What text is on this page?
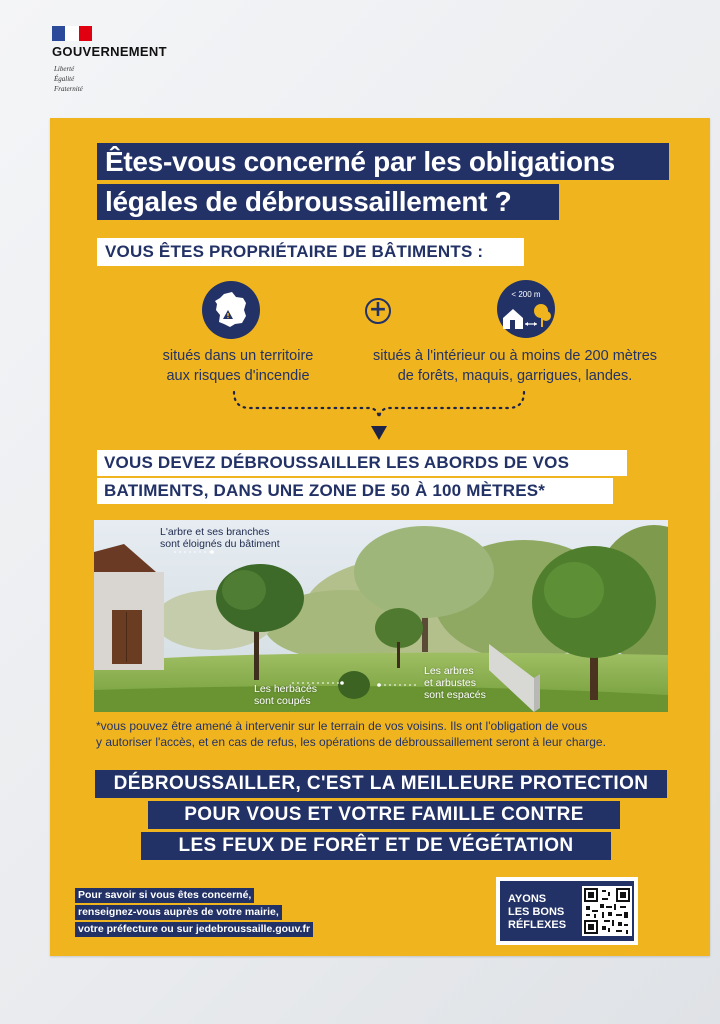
GOUVERNEMENT
Liberté
Égalité
Fraternité
Êtes-vous concerné par les obligations
légales de débroussaillement ?
VOUS ÊTES PROPRIÉTAIRE DE BÂTIMENTS :
+
< 200 m
situés dans un territoire
aux risques d'incendie
situés à l'intérieur ou à moins de 200 mètres
de forêts, maquis, garrigues, landes.
VOUS DEVEZ DÉBROUSSAILLER LES ABORDS DE VOS
BATIMENTS, DANS UNE ZONE DE 50 À 100 MÈTRES*
L'arbre et ses branches
sont éloignés du bâtiment
Les herbacés
sont coupés
Les arbres
et arbustes
sont espacés
*vous pouvez être amené à intervenir sur le terrain de vos voisins. Ils ont l'obligation de vous
y autoriser l'accès, et en cas de refus, les opérations de débroussaillement seront à leur charge.
DÉBROUSSAILLER, C'EST LA MEILLEURE PROTECTION
POUR VOUS ET VOTRE FAMILLE CONTRE
LES FEUX DE FORÊT ET DE VÉGÉTATION
Pour savoir si vous êtes concerné,
renseignez-vous auprès de votre mairie,
votre préfecture ou sur jedebroussaille.gouv.fr
AYONS
LES BONS
RÉFLEXES
